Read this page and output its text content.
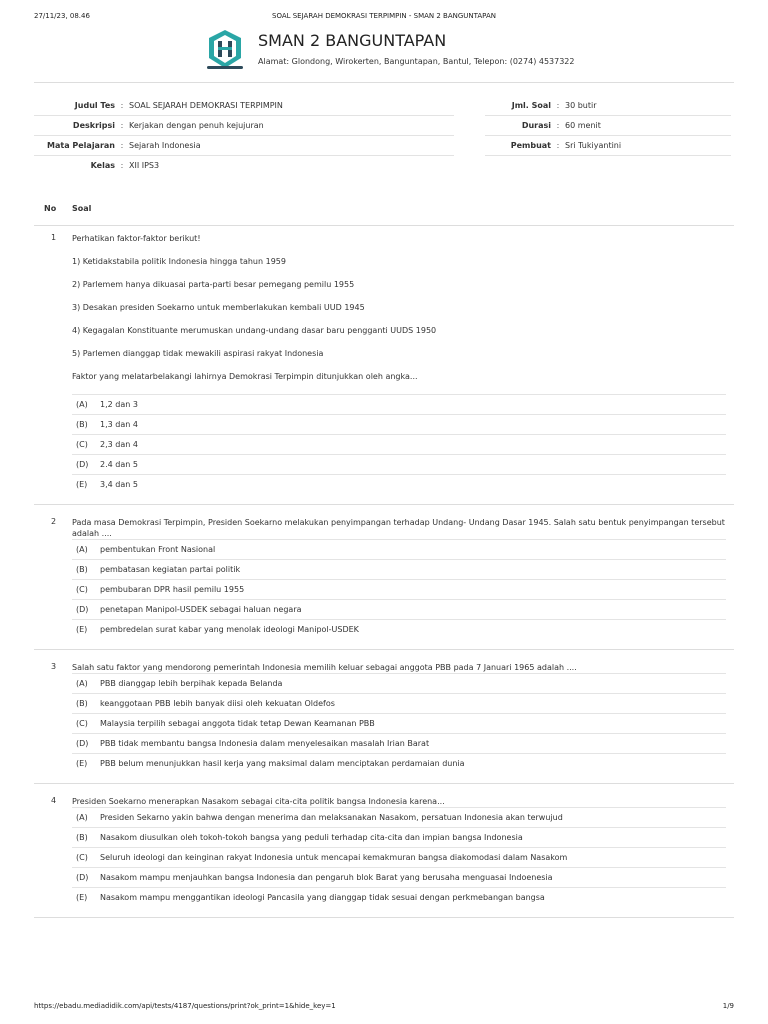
27/11/23, 08.46	SOAL SEJARAH DEMOKRASI TERPIMPIN - SMAN 2 BANGUNTAPAN
SMAN 2 BANGUNTAPAN
Alamat: Glondong, Wirokerten, Banguntapan, Bantul, Telepon: (0274) 4537322
Judul Tes : SOAL SEJARAH DEMOKRASI TERPIMPIN
Deskripsi : Kerjakan dengan penuh kejujuran
Mata Pelajaran : Sejarah Indonesia
Kelas : XII IPS3
Jml. Soal : 30 butir
Durasi : 60 menit
Pembuat : Sri Tukiyantini
No Soal
1 Perhatikan faktor-faktor berikut!
1) Ketidakstabila politik Indonesia hingga tahun 1959
2) Parlemem hanya dikuasai parta-parti besar pemegang pemilu 1955
3) Desakan presiden Soekarno untuk memberlakukan kembali UUD 1945
4) Kegagalan Konstituante merumuskan undang-undang dasar baru pengganti UUDS 1950
5) Parlemen dianggap tidak mewakili aspirasi rakyat Indonesia
Faktor yang melatarbelakangi lahirnya Demokrasi Terpimpin ditunjukkan oleh angka...
(A)	1,2 dan 3
(B)	1,3 dan 4
(C)	2,3 dan 4
(D)	2.4 dan 5
(E)	3,4 dan 5
2 Pada masa Demokrasi Terpimpin, Presiden Soekarno melakukan penyimpangan terhadap Undang- Undang Dasar 1945. Salah satu bentuk penyimpangan tersebut
adalah ....
(A)	pembentukan Front Nasional
(B)	pembatasan kegiatan partai politik
(C)	pembubaran DPR hasil pemilu 1955
(D)	penetapan Manipol-USDEK sebagai haluan negara
(E)	pembredelan surat kabar yang menolak ideologi Manipol-USDEK
3 Salah satu faktor yang mendorong pemerintah Indonesia memilih keluar sebagai anggota PBB pada 7 Januari 1965 adalah ....
(A)	PBB dianggap lebih berpihak kepada Belanda
(B)	keanggotaan PBB lebih banyak diisi oleh kekuatan Oldefos
(C)	Malaysia terpilih sebagai anggota tidak tetap Dewan Keamanan PBB
(D)	PBB tidak membantu bangsa Indonesia dalam menyelesaikan masalah Irian Barat
(E)	PBB belum menunjukkan hasil kerja yang maksimal dalam menciptakan perdamaian dunia
4 Presiden Soekarno menerapkan Nasakom sebagai cita-cita politik bangsa Indonesia karena...
(A)	Presiden Sekarno yakin bahwa dengan menerima dan melaksanakan Nasakom, persatuan Indonesia akan terwujud
(B)	Nasakom diusulkan oleh tokoh-tokoh bangsa yang peduli terhadap cita-cita dan impian bangsa Indonesia
(C)	Seluruh ideologi dan keinginan rakyat Indonesia untuk mencapai kemakmuran bangsa diakomodasi dalam Nasakom
(D)	Nasakom mampu menjauhkan bangsa Indonesia dan pengaruh blok Barat yang berusaha menguasai Indoenesia
(E)	Nasakom mampu menggantikan ideologi Pancasila yang dianggap tidak sesuai dengan perkmebangan bangsa
https://ebadu.mediadidik.com/api/tests/4187/questions/print?ok_print=1&hide_key=1	1/9
